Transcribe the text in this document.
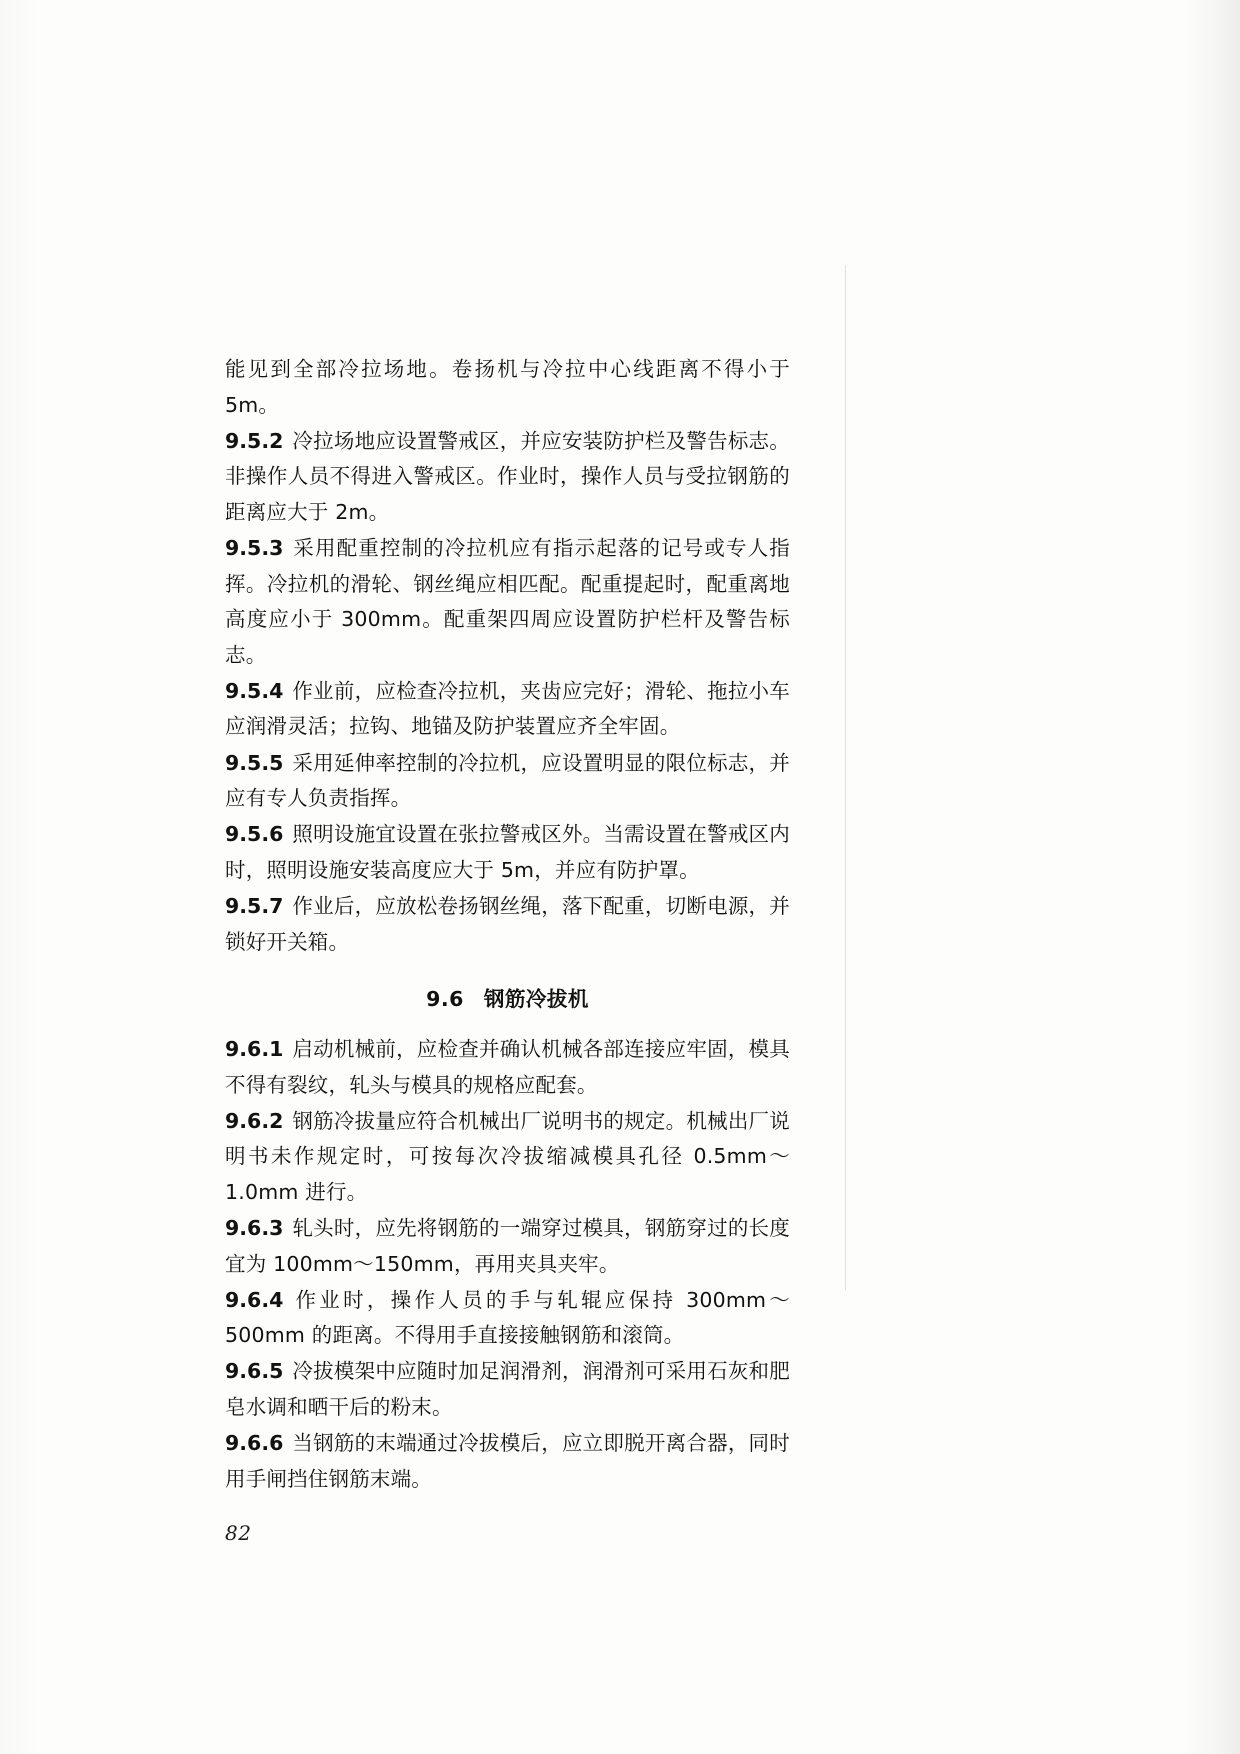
能见到全部冷拉场地。卷扬机与冷拉中心线距离不得小于 5m。

9.5.2 冷拉场地应设置警戒区，并应安装防护栏及警告标志。非操作人员不得进入警戒区。作业时，操作人员与受拉钢筋的距离应大于 2m。

9.5.3 采用配重控制的冷拉机应有指示起落的记号或专人指挥。冷拉机的滑轮、钢丝绳应相匹配。配重提起时，配重离地高度应小于 300mm。配重架四周应设置防护栏杆及警告标志。

9.5.4 作业前，应检查冷拉机，夹齿应完好；滑轮、拖拉小车应润滑灵活；拉钩、地锚及防护装置应齐全牢固。

9.5.5 采用延伸率控制的冷拉机，应设置明显的限位标志，并应有专人负责指挥。

9.5.6 照明设施宜设置在张拉警戒区外。当需设置在警戒区内时，照明设施安装高度应大于 5m，并应有防护罩。

9.5.7 作业后，应放松卷扬钢丝绳，落下配重，切断电源，并锁好开关箱。

9.6 钢筋冷拔机

9.6.1 启动机械前，应检查并确认机械各部连接应牢固，模具不得有裂纹，轧头与模具的规格应配套。

9.6.2 钢筋冷拔量应符合机械出厂说明书的规定。机械出厂说明书未作规定时，可按每次冷拔缩减模具孔径 0.5mm～1.0mm 进行。

9.6.3 轧头时，应先将钢筋的一端穿过模具，钢筋穿过的长度宜为 100mm～150mm，再用夹具夹牢。

9.6.4 作业时，操作人员的手与轧辊应保持 300mm～500mm 的距离。不得用手直接接触钢筋和滚筒。

9.6.5 冷拔模架中应随时加足润滑剂，润滑剂可采用石灰和肥皂水调和晒干后的粉末。

9.6.6 当钢筋的末端通过冷拔模后，应立即脱开离合器，同时用手闸挡住钢筋末端。

82
